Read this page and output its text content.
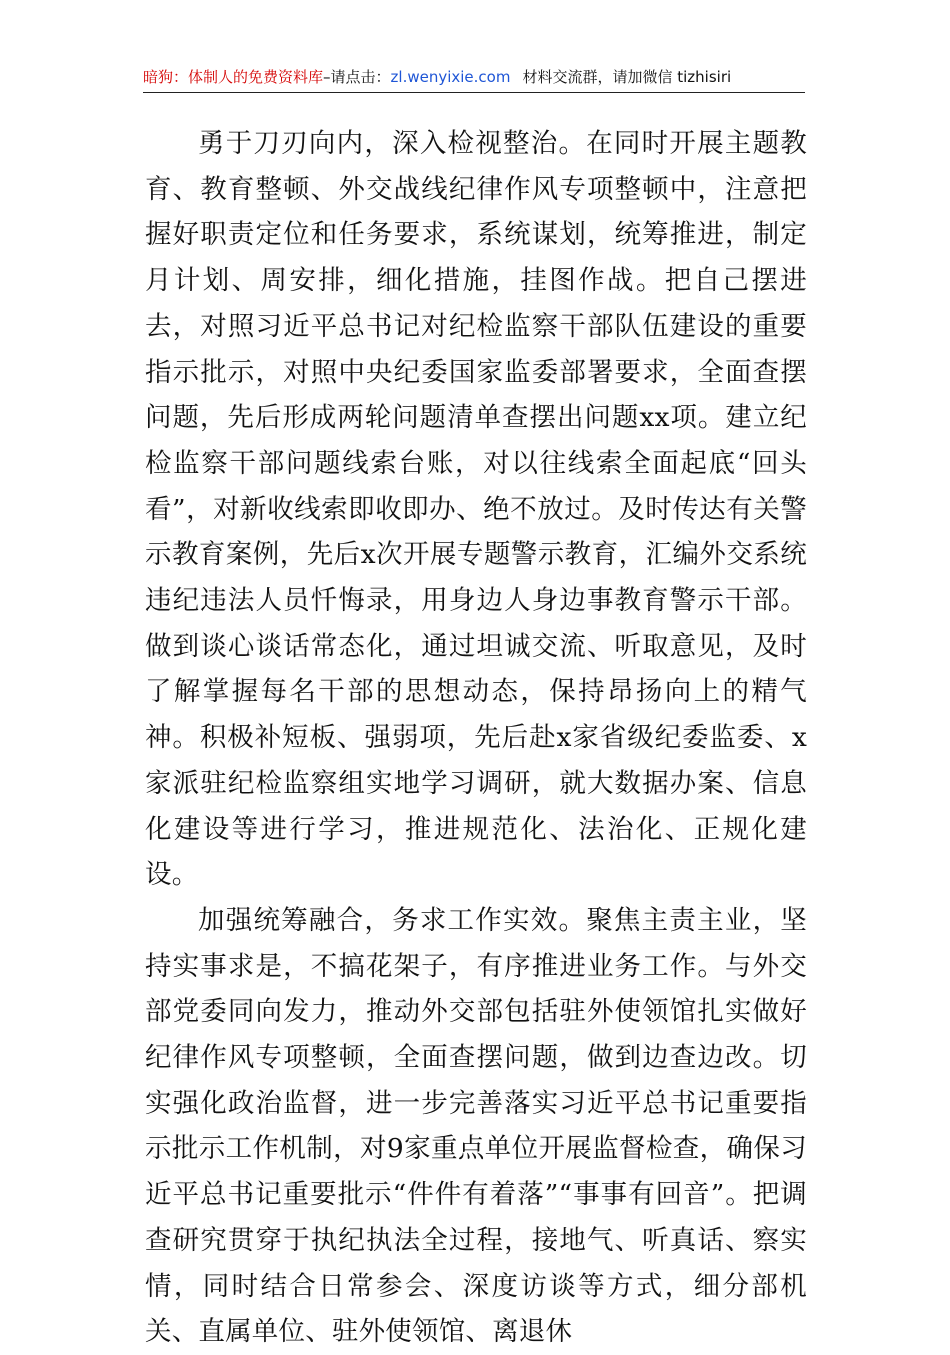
暗狗：体制人的免费资料库–请点击：zl.wenyixie.com 材料交流群，请加微信 tizhisiri

勇于刀刃向内，深入检视整治。在同时开展主题教育、教育整顿、外交战线纪律作风专项整顿中，注意把握好职责定位和任务要求，系统谋划，统筹推进，制定月计划、周安排，细化措施，挂图作战。把自己摆进去，对照习近平总书记对纪检监察干部队伍建设的重要指示批示，对照中央纪委国家监委部署要求，全面查摆问题，先后形成两轮问题清单查摆出问题xx项。建立纪检监察干部问题线索台账，对以往线索全面起底“回头看”，对新收线索即收即办、绝不放过。及时传达有关警示教育案例，先后x次开展专题警示教育，汇编外交系统违纪违法人员忏悔录，用身边人身边事教育警示干部。做到谈心谈话常态化，通过坦诚交流、听取意见，及时了解掌握每名干部的思想动态，保持昂扬向上的精气神。积极补短板、强弱项，先后赴x家省级纪委监委、x家派驻纪检监察组实地学习调研，就大数据办案、信息化建设等进行学习，推进规范化、法治化、正规化建设。

加强统筹融合，务求工作实效。聚焦主责主业，坚持实事求是，不搞花架子，有序推进业务工作。与外交部党委同向发力，推动外交部包括驻外使领馆扎实做好纪律作风专项整顿，全面查摆问题，做到边查边改。切实强化政治监督，进一步完善落实习近平总书记重要指示批示工作机制，对9家重点单位开展监督检查，确保习近平总书记重要批示“件件有着落”“事事有回音”。把调查研究贯穿于执纪执法全过程，接地气、听真话、察实情，同时结合日常参会、深度访谈等方式，细分部机关、直属单位、驻外使领馆、离退休
